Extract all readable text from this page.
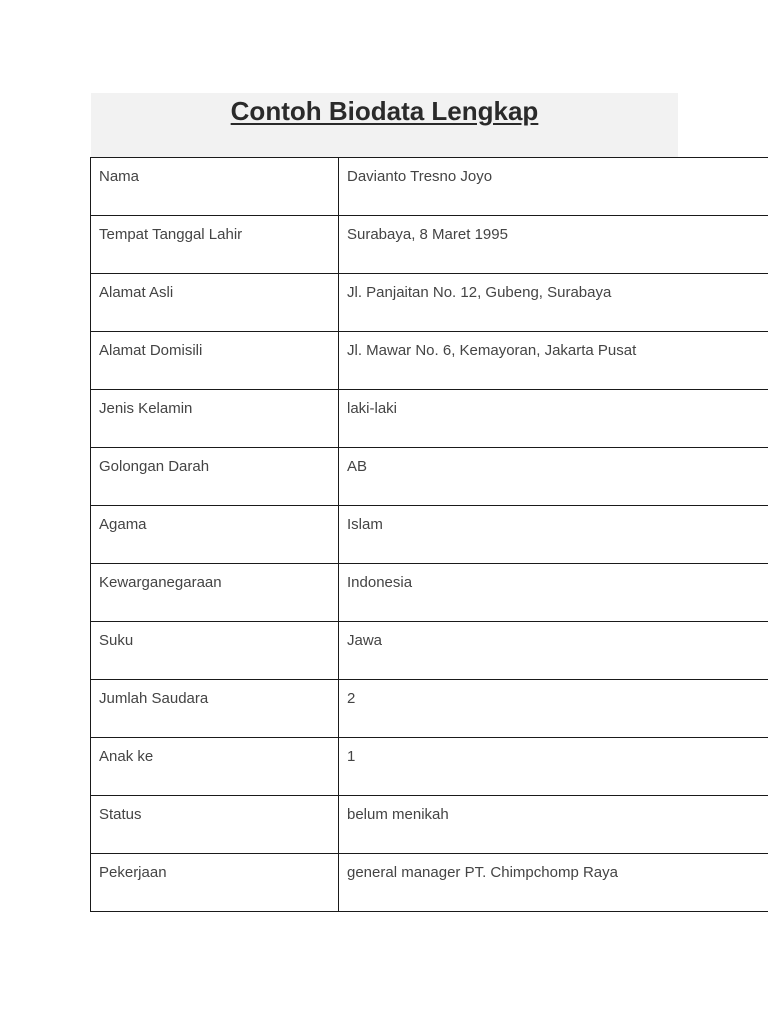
Contoh Biodata Lengkap
Nama	Davianto Tresno Joyo
Tempat Tanggal Lahir	Surabaya, 8 Maret 1995
Alamat Asli	Jl. Panjaitan No. 12, Gubeng, Surabaya
Alamat Domisili	Jl. Mawar No. 6, Kemayoran, Jakarta Pusat
Jenis Kelamin	laki-laki
Golongan Darah	AB
Agama	Islam
Kewarganegaraan	Indonesia
Suku	Jawa
Jumlah Saudara	2
Anak ke	1
Status	belum menikah
Pekerjaan	general manager PT. Chimpchomp Raya
